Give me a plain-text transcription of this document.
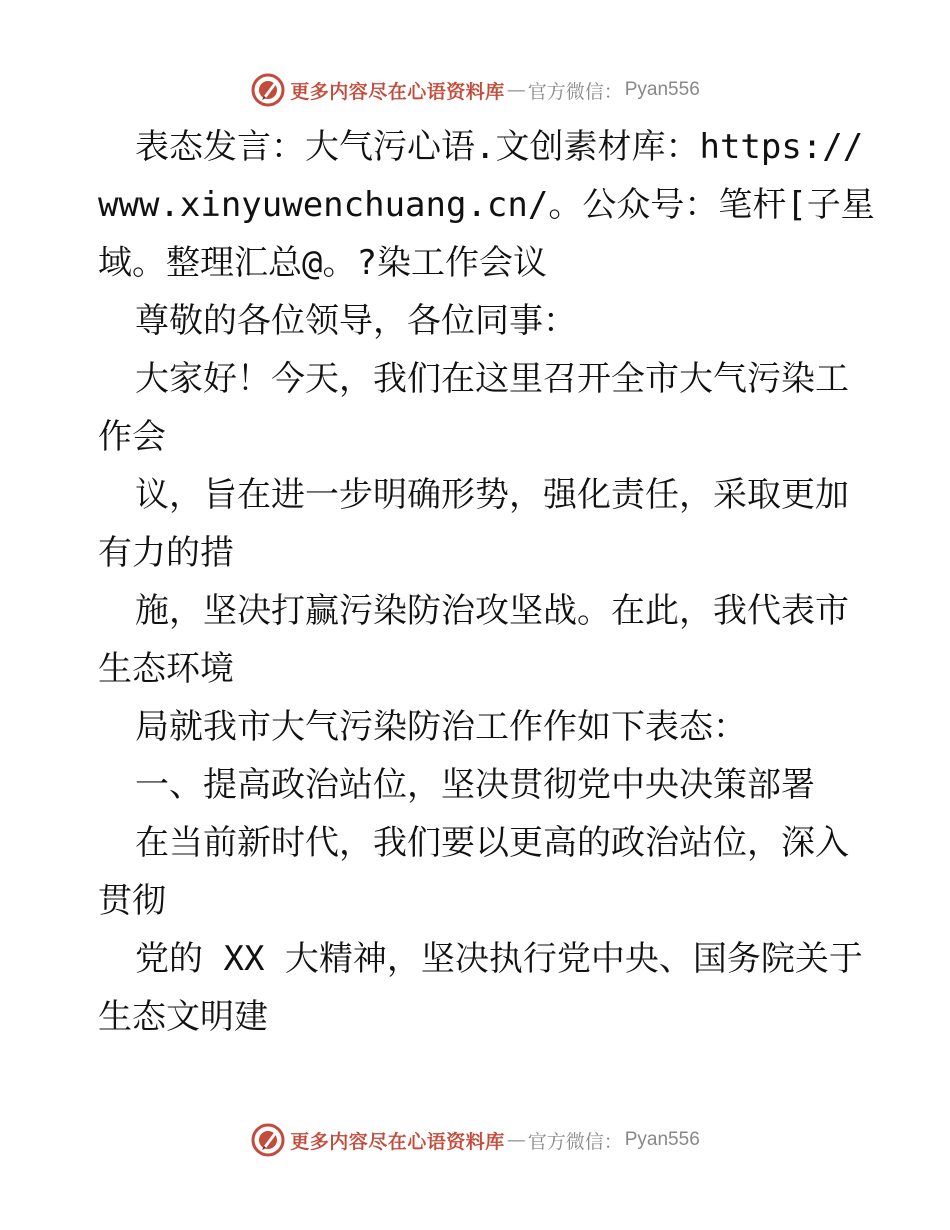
更多内容尽在心语资料库 — 官方微信： Pyan556
表态发言：大气污心语.文创素材库：https://
www.xinyuwenchuang.cn/。公众号：笔杆[子星
域。整理汇总@。?染工作会议
尊敬的各位领导，各位同事：
大家好！今天，我们在这里召开全市大气污染工
作会
议，旨在进一步明确形势，强化责任，采取更加
有力的措
施，坚决打赢污染防治攻坚战。在此，我代表市
生态环境
局就我市大气污染防治工作作如下表态：
一、提高政治站位，坚决贯彻党中央决策部署
在当前新时代，我们要以更高的政治站位，深入
贯彻
党的 XX 大精神，坚决执行党中央、国务院关于
生态文明建
更多内容尽在心语资料库 — 官方微信： Pyan556
